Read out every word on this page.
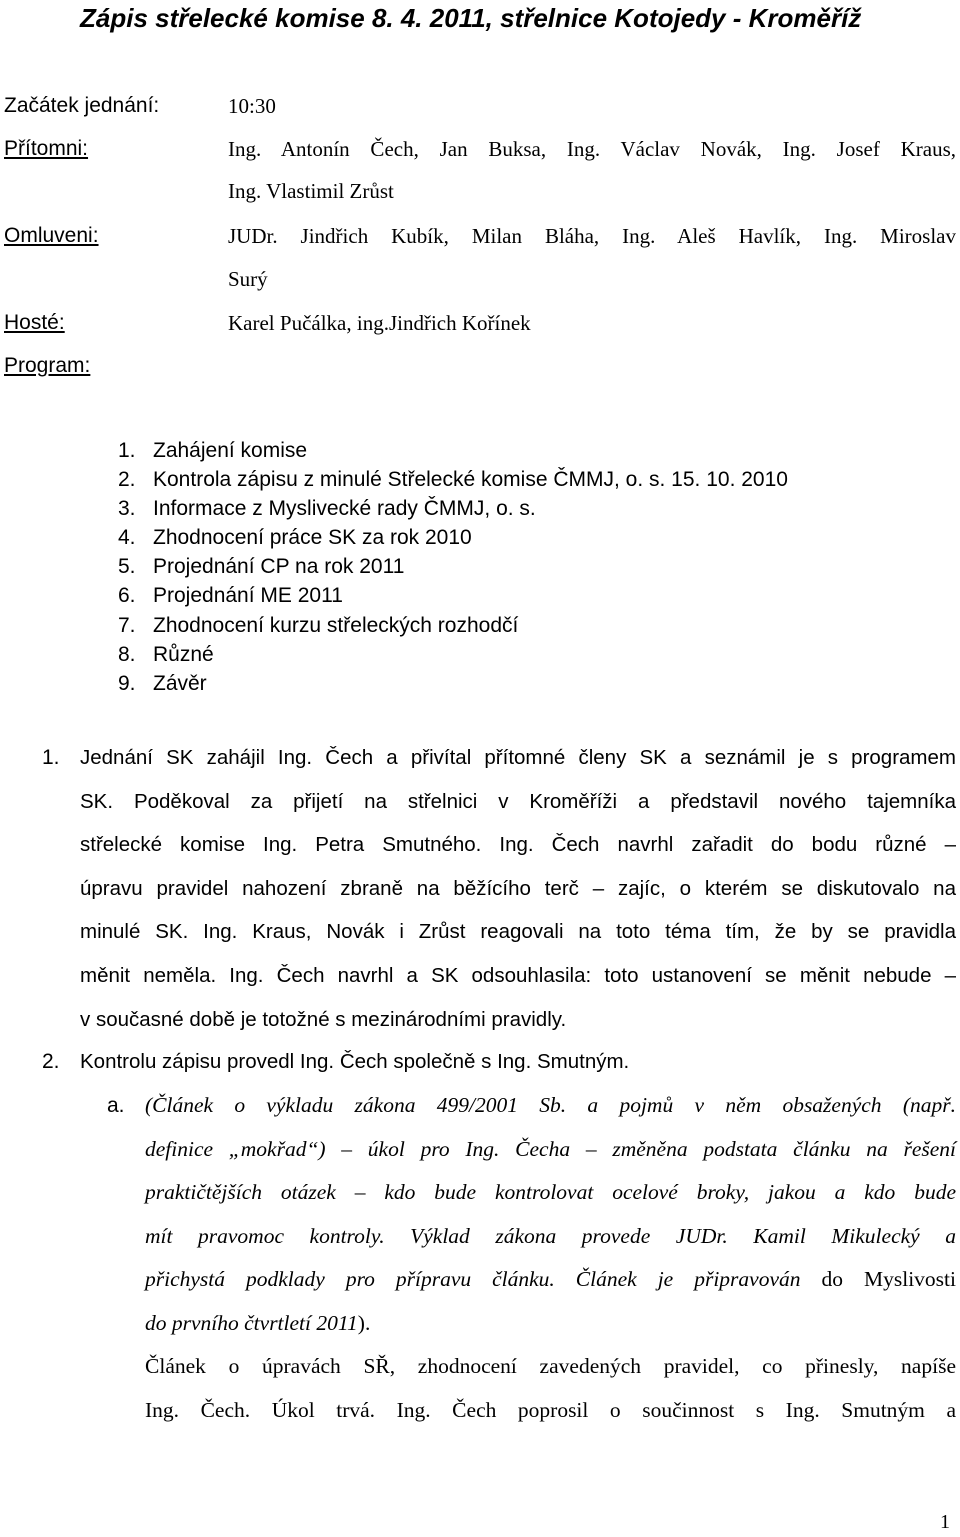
Zápis střelecké komise 8. 4. 2011, střelnice Kotojedy - Kroměříž
Začátek jednání:	10:30
Přítomni:	Ing. Antonín Čech, Jan Buksa, Ing. Václav Novák, Ing. Josef Kraus,
Ing. Vlastimil Zrůst
Omluveni:	JUDr. Jindřich Kubík, Milan Bláha, Ing. Aleš Havlík, Ing. Miroslav
Surý
Hosté:	Karel Pučálka, ing.Jindřich Kořínek
Program:
1. Zahájení komise
2. Kontrola zápisu z minulé Střelecké komise ČMMJ, o. s. 15. 10. 2010
3. Informace z Myslivecké rady ČMMJ, o. s.
4. Zhodnocení práce SK za rok 2010
5. Projednání CP na rok 2011
6. Projednání ME 2011
7. Zhodnocení kurzu střeleckých rozhodčí
8. Různé
9. Závěr
1. Jednání SK zahájil Ing. Čech a přivítal přítomné členy SK a seznámil je s programem
SK. Poděkoval za přijetí na střelnici v Kroměříži a představil nového tajemníka
střelecké komise Ing. Petra Smutného. Ing. Čech navrhl zařadit do bodu různé –
úpravu pravidel nahození zbraně na běžícího terč – zajíc, o kterém se diskutovalo na
minulé SK. Ing. Kraus, Novák i Zrůst reagovali na toto téma tím, že by se pravidla
měnit neměla. Ing. Čech navrhl a SK odsouhlasila: toto ustanovení se měnit nebude –
v současné době je totožné s mezinárodními pravidly.
2. Kontrolu zápisu provedl Ing. Čech společně s Ing. Smutným.
a. (Článek o výkladu zákona 499/2001 Sb. a pojmů v něm obsažených (např.
definice „mokřad“) – úkol pro Ing. Čecha – změněna podstata článku na řešení
praktičtějších otázek – kdo bude kontrolovat ocelové broky, jakou a kdo bude
mít pravomoc kontroly. Výklad zákona provede JUDr. Kamil Mikulecký a
přichystá podklady pro přípravu článku. Článek je připravován do Myslivosti
do prvního čtvrtletí 2011).
Článek o úpravách SŘ, zhodnocení zavedených pravidel, co přinesly, napíše
Ing. Čech. Úkol trvá. Ing. Čech poprosil o součinnost s Ing. Smutným a
1
